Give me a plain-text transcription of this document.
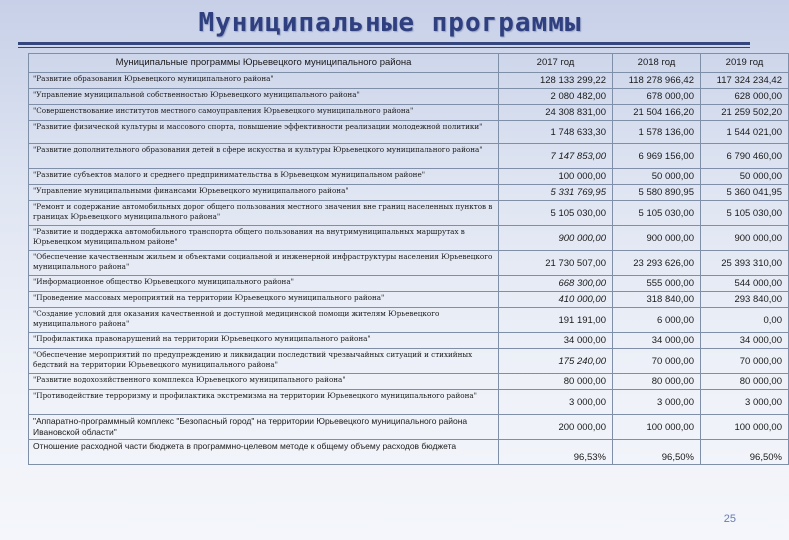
Муниципальные программы
Муниципальные программы Юрьевецкого муниципального района	2017 год	2018 год	2019 год
"Развитие образования Юрьевецкого муниципального района"	128 133 299,22	118 278 966,42	117 324 234,42
"Управление муниципальной собственностью Юрьевецкого муниципального района"	2 080 482,00	678 000,00	628 000,00
"Совершенствование институтов местного самоуправления Юрьевецкого муниципального района"	24 308 831,00	21 504 166,20	21 259 502,20
"Развитие физической культуры и массового спорта, повышение эффективности реализации молодежной политики"	1 748 633,30	1 578 136,00	1 544 021,00
"Развитие дополнительного образования детей в сфере искусства и культуры Юрьевецкого муниципального района"	7 147 853,00	6 969 156,00	6 790 460,00
"Развитие субъектов малого и среднего предпринимательства в Юрьевецком муниципальном районе"	100 000,00	50 000,00	50 000,00
"Управление муниципальными финансами Юрьевецкого муниципального района"	5 331 769,95	5 580 890,95	5 360 041,95
"Ремонт и содержание автомобильных дорог общего пользования местного значения вне границ населенных пунктов в границах Юрьевецкого муниципального района"	5 105 030,00	5 105 030,00	5 105 030,00
"Развитие и поддержка автомобильного транспорта общего пользования на внутримуниципальных маршрутах в Юрьевецком муниципальном районе"	900 000,00	900 000,00	900 000,00
"Обеспечение качественным жильем и объектами социальной и инженерной инфраструктуры населения Юрьевецкого муниципального района"	21 730 507,00	23 293 626,00	25 393 310,00
"Информационное общество Юрьевецкого муниципального района"	668 300,00	555 000,00	544 000,00
"Проведение массовых мероприятий на территории Юрьевецкого муниципального района"	410 000,00	318 840,00	293 840,00
"Создание условий для оказания качественной и доступной медицинской помощи жителям Юрьевецкого муниципального района"	191 191,00	6 000,00	0,00
"Профилактика правонарушений на территории Юрьевецкого муниципального района"	34 000,00	34 000,00	34 000,00
"Обеспечение мероприятий по предупреждению и ликвидации последствий чрезвычайных ситуаций и стихийных бедствий на территории Юрьевецкого муниципального района"	175 240,00	70 000,00	70 000,00
"Развитие водохозяйственного комплекса Юрьевецкого муниципального района"	80 000,00	80 000,00	80 000,00
"Противодействие терроризму и профилактика экстремизма на территории Юрьевецкого муниципального района"	3 000,00	3 000,00	3 000,00
"Аппаратно-программный комплекс "Безопасный город" на территории Юрьевецкого муниципального района Ивановской области"	200 000,00	100 000,00	100 000,00
Отношение расходной части бюджета в программно-целевом методе к общему объему расходов бюджета	96,53%	96,50%	96,50%
25
